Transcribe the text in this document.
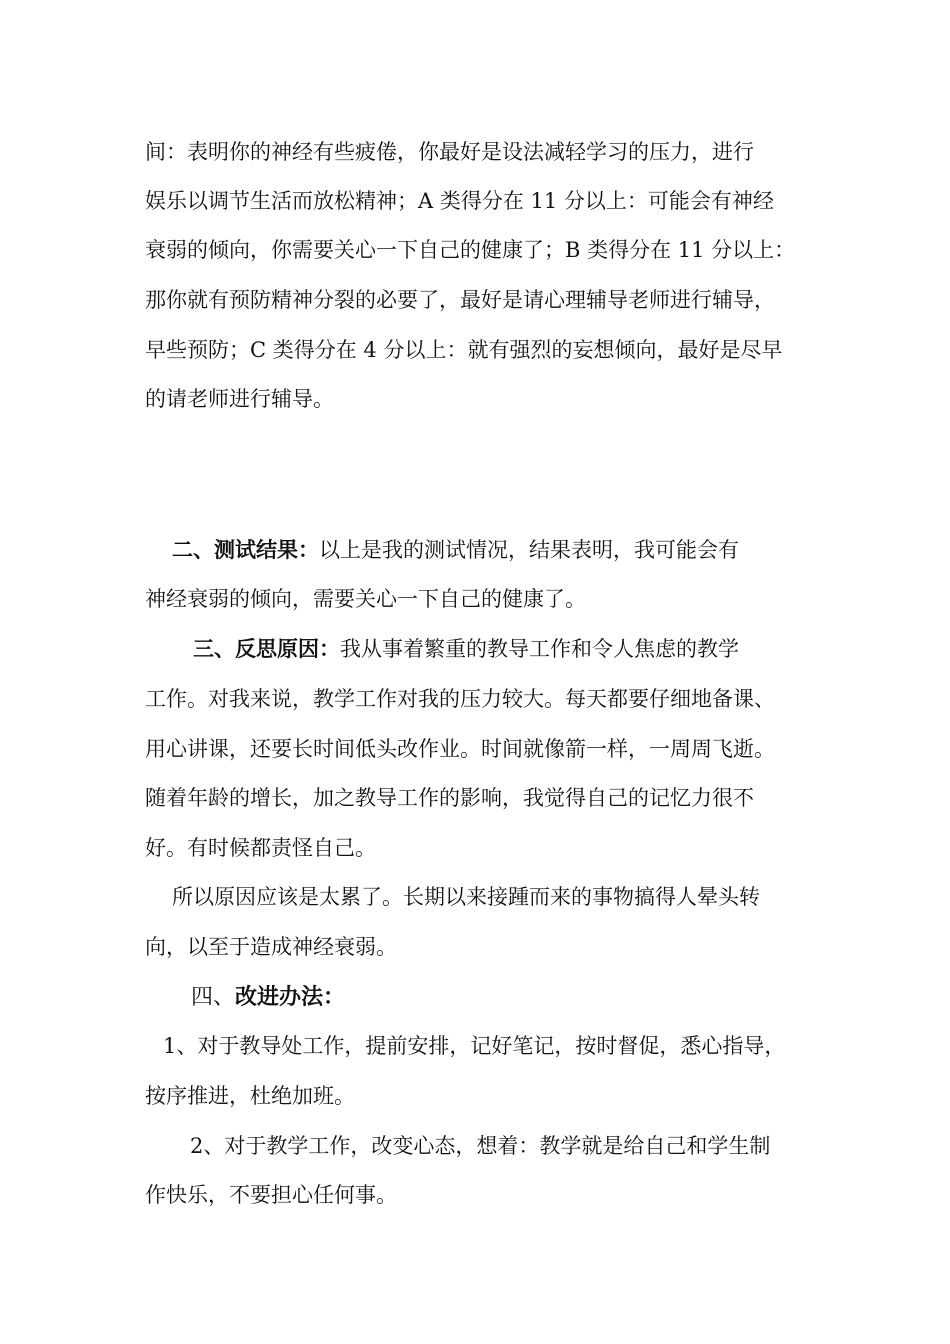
间：表明你的神经有些疲倦，你最好是设法减轻学习的压力，进行
娱乐以调节生活而放松精神；A 类得分在 11 分以上：可能会有神经
衰弱的倾向，你需要关心一下自己的健康了；B 类得分在 11 分以上：
那你就有预防精神分裂的必要了，最好是请心理辅导老师进行辅导，
早些预防；C 类得分在 4 分以上：就有强烈的妄想倾向，最好是尽早
的请老师进行辅导。
二、测试结果：以上是我的测试情况，结果表明，我可能会有
神经衰弱的倾向，需要关心一下自己的健康了。
三、反思原因：我从事着繁重的教导工作和令人焦虑的教学
工作。对我来说，教学工作对我的压力较大。每天都要仔细地备课、
用心讲课，还要长时间低头改作业。时间就像箭一样，一周周飞逝。
随着年龄的增长，加之教导工作的影响，我觉得自己的记忆力很不
好。有时候都责怪自己。
所以原因应该是太累了。长期以来接踵而来的事物搞得人晕头转
向，以至于造成神经衰弱。
四、改进办法：
1、对于教导处工作，提前安排，记好笔记，按时督促，悉心指导，
按序推进，杜绝加班。
2、对于教学工作，改变心态，想着：教学就是给自己和学生制
作快乐，不要担心任何事。
